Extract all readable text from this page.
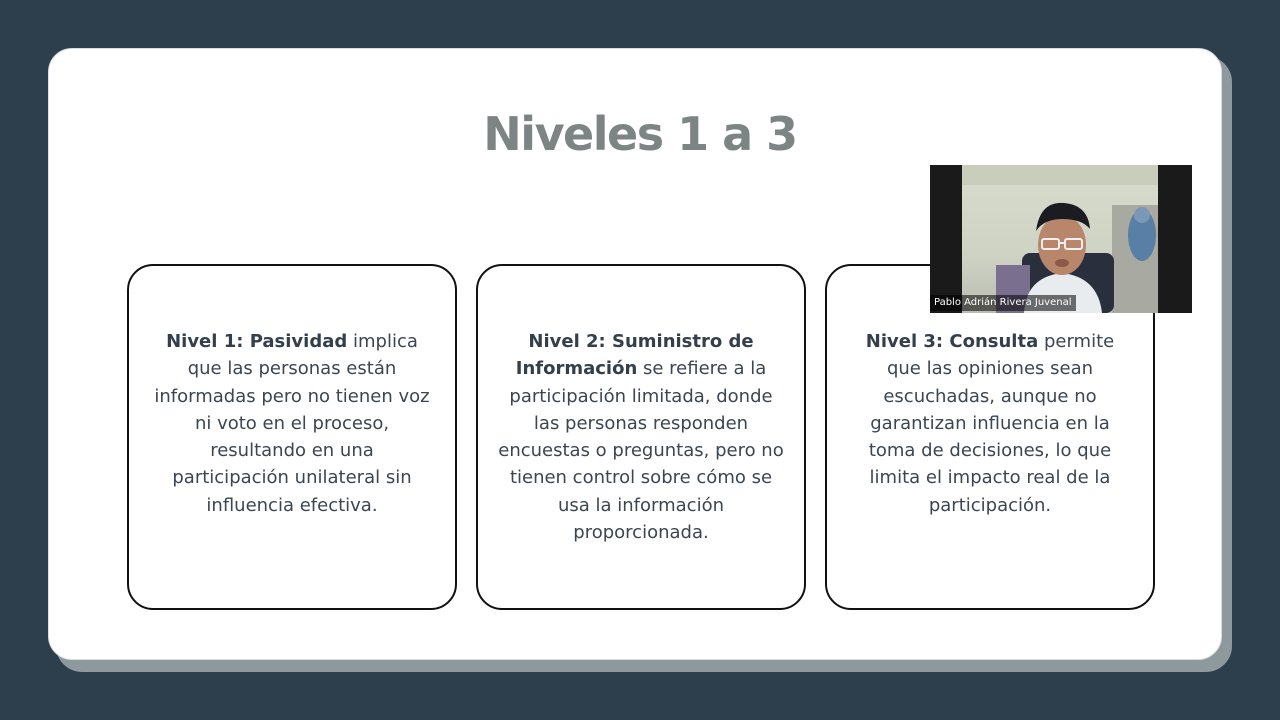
Niveles 1 a 3

Nivel 1: Pasividad implica que las personas están informadas pero no tienen voz ni voto en el proceso, resultando en una participación unilateral sin influencia efectiva.

Nivel 2: Suministro de Información se refiere a la participación limitada, donde las personas responden encuestas o preguntas, pero no tienen control sobre cómo se usa la información proporcionada.

Nivel 3: Consulta permite que las opiniones sean escuchadas, aunque no garantizan influencia en la toma de decisiones, lo que limita el impacto real de la participación.

Pablo Adrián Rivera Juvenal
